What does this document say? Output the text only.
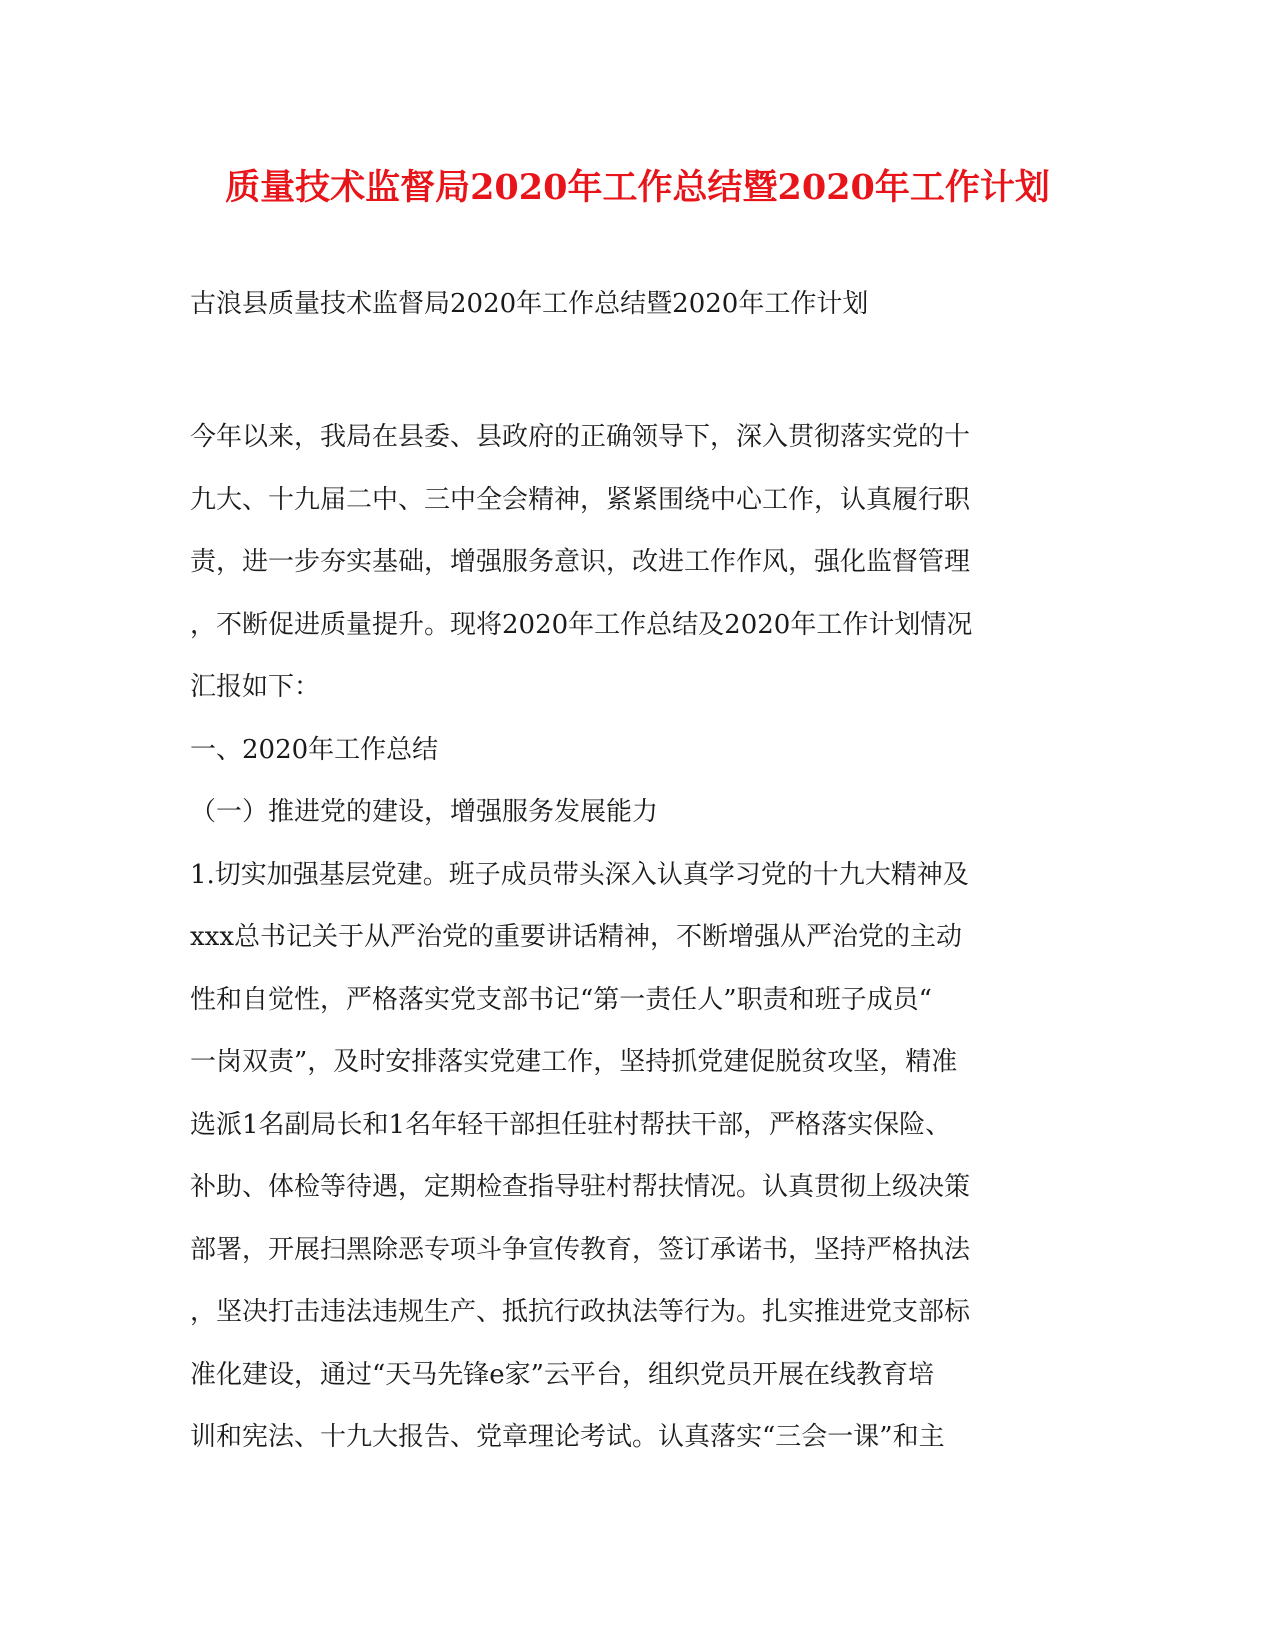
质量技术监督局2020年工作总结暨2020年工作计划
古浪县质量技术监督局2020年工作总结暨2020年工作计划
今年以来，我局在县委、县政府的正确领导下，深入贯彻落实党的十
九大、十九届二中、三中全会精神，紧紧围绕中心工作，认真履行职
责，进一步夯实基础，增强服务意识，改进工作作风，强化监督管理
，不断促进质量提升。现将2020年工作总结及2020年工作计划情况
汇报如下：
一、2020年工作总结
（一）推进党的建设，增强服务发展能力
1.切实加强基层党建。班子成员带头深入认真学习党的十九大精神及
xxx总书记关于从严治党的重要讲话精神，不断增强从严治党的主动
性和自觉性，严格落实党支部书记“第一责任人”职责和班子成员“
一岗双责”，及时安排落实党建工作，坚持抓党建促脱贫攻坚，精准
选派1名副局长和1名年轻干部担任驻村帮扶干部，严格落实保险、
补助、体检等待遇，定期检查指导驻村帮扶情况。认真贯彻上级决策
部署，开展扫黑除恶专项斗争宣传教育，签订承诺书，坚持严格执法
，坚决打击违法违规生产、抵抗行政执法等行为。扎实推进党支部标
准化建设，通过“天马先锋e家”云平台，组织党员开展在线教育培
训和宪法、十九大报告、党章理论考试。认真落实“三会一课”和主
